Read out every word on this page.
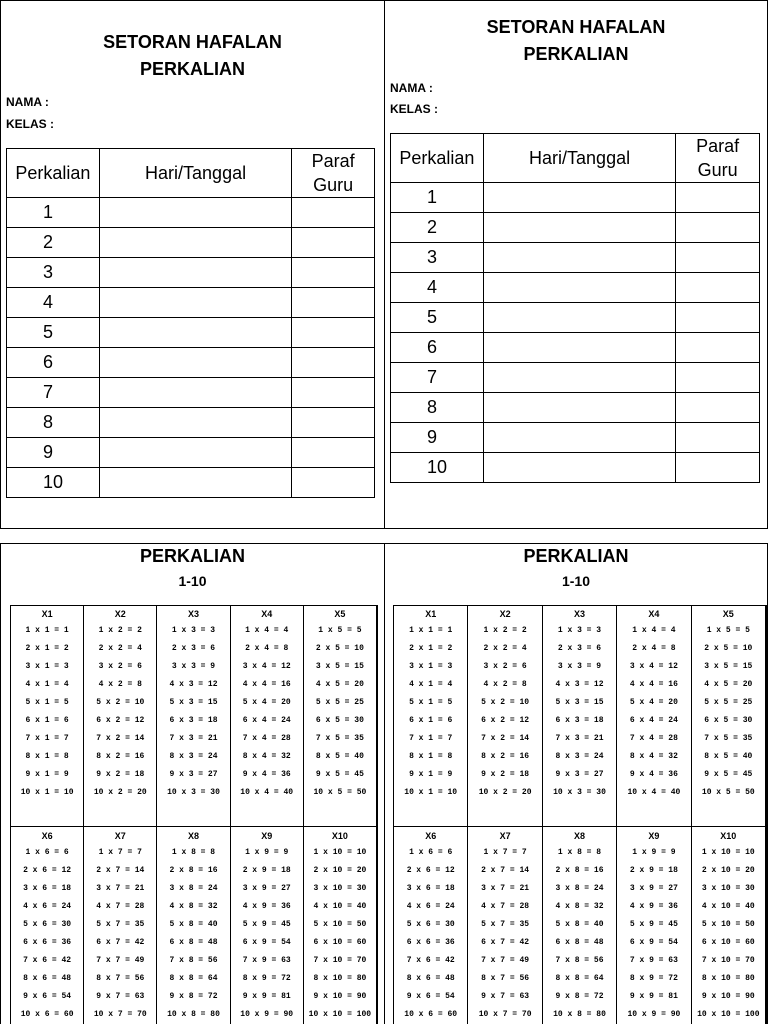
SETORAN HAFALAN
PERKALIAN
NAMA :
KELAS :
Perkalian	Hari/Tanggal	Paraf
Guru
1		
2		
3		
4		
5		
6		
7		
8		
9		
10		
SETORAN HAFALAN
PERKALIAN
NAMA :
KELAS :
Perkalian	Hari/Tanggal	Paraf
Guru
1		
2		
3		
4		
5		
6		
7		
8		
9		
10		
PERKALIAN
1-10
X1
1 x 1 = 1
2 x 1 = 2
3 x 1 = 3
4 x 1 = 4
5 x 1 = 5
6 x 1 = 6
7 x 1 = 7
8 x 1 = 8
9 x 1 = 9
10 x 1 = 10
X2
1 x 2 = 2
2 x 2 = 4
3 x 2 = 6
4 x 2 = 8
5 x 2 = 10
6 x 2 = 12
7 x 2 = 14
8 x 2 = 16
9 x 2 = 18
10 x 2 = 20
X3
1 x 3 = 3
2 x 3 = 6
3 x 3 = 9
4 x 3 = 12
5 x 3 = 15
6 x 3 = 18
7 x 3 = 21
8 x 3 = 24
9 x 3 = 27
10 x 3 = 30
X4
1 x 4 = 4
2 x 4 = 8
3 x 4 = 12
4 x 4 = 16
5 x 4 = 20
6 x 4 = 24
7 x 4 = 28
8 x 4 = 32
9 x 4 = 36
10 x 4 = 40
X5
1 x 5 = 5
2 x 5 = 10
3 x 5 = 15
4 x 5 = 20
5 x 5 = 25
6 x 5 = 30
7 x 5 = 35
8 x 5 = 40
9 x 5 = 45
10 x 5 = 50
X6
1 x 6 = 6
2 x 6 = 12
3 x 6 = 18
4 x 6 = 24
5 x 6 = 30
6 x 6 = 36
7 x 6 = 42
8 x 6 = 48
9 x 6 = 54
10 x 6 = 60
X7
1 x 7 = 7
2 x 7 = 14
3 x 7 = 21
4 x 7 = 28
5 x 7 = 35
6 x 7 = 42
7 x 7 = 49
8 x 7 = 56
9 x 7 = 63
10 x 7 = 70
X8
1 x 8 = 8
2 x 8 = 16
3 x 8 = 24
4 x 8 = 32
5 x 8 = 40
6 x 8 = 48
7 x 8 = 56
8 x 8 = 64
9 x 8 = 72
10 x 8 = 80
X9
1 x 9 = 9
2 x 9 = 18
3 x 9 = 27
4 x 9 = 36
5 x 9 = 45
6 x 9 = 54
7 x 9 = 63
8 x 9 = 72
9 x 9 = 81
10 x 9 = 90
X10
1 x 10 = 10
2 x 10 = 20
3 x 10 = 30
4 x 10 = 40
5 x 10 = 50
6 x 10 = 60
7 x 10 = 70
8 x 10 = 80
9 x 10 = 90
10 x 10 = 100
PERKALIAN
1-10
X1
1 x 1 = 1
2 x 1 = 2
3 x 1 = 3
4 x 1 = 4
5 x 1 = 5
6 x 1 = 6
7 x 1 = 7
8 x 1 = 8
9 x 1 = 9
10 x 1 = 10
X2
1 x 2 = 2
2 x 2 = 4
3 x 2 = 6
4 x 2 = 8
5 x 2 = 10
6 x 2 = 12
7 x 2 = 14
8 x 2 = 16
9 x 2 = 18
10 x 2 = 20
X3
1 x 3 = 3
2 x 3 = 6
3 x 3 = 9
4 x 3 = 12
5 x 3 = 15
6 x 3 = 18
7 x 3 = 21
8 x 3 = 24
9 x 3 = 27
10 x 3 = 30
X4
1 x 4 = 4
2 x 4 = 8
3 x 4 = 12
4 x 4 = 16
5 x 4 = 20
6 x 4 = 24
7 x 4 = 28
8 x 4 = 32
9 x 4 = 36
10 x 4 = 40
X5
1 x 5 = 5
2 x 5 = 10
3 x 5 = 15
4 x 5 = 20
5 x 5 = 25
6 x 5 = 30
7 x 5 = 35
8 x 5 = 40
9 x 5 = 45
10 x 5 = 50
X6
1 x 6 = 6
2 x 6 = 12
3 x 6 = 18
4 x 6 = 24
5 x 6 = 30
6 x 6 = 36
7 x 6 = 42
8 x 6 = 48
9 x 6 = 54
10 x 6 = 60
X7
1 x 7 = 7
2 x 7 = 14
3 x 7 = 21
4 x 7 = 28
5 x 7 = 35
6 x 7 = 42
7 x 7 = 49
8 x 7 = 56
9 x 7 = 63
10 x 7 = 70
X8
1 x 8 = 8
2 x 8 = 16
3 x 8 = 24
4 x 8 = 32
5 x 8 = 40
6 x 8 = 48
7 x 8 = 56
8 x 8 = 64
9 x 8 = 72
10 x 8 = 80
X9
1 x 9 = 9
2 x 9 = 18
3 x 9 = 27
4 x 9 = 36
5 x 9 = 45
6 x 9 = 54
7 x 9 = 63
8 x 9 = 72
9 x 9 = 81
10 x 9 = 90
X10
1 x 10 = 10
2 x 10 = 20
3 x 10 = 30
4 x 10 = 40
5 x 10 = 50
6 x 10 = 60
7 x 10 = 70
8 x 10 = 80
9 x 10 = 90
10 x 10 = 100
